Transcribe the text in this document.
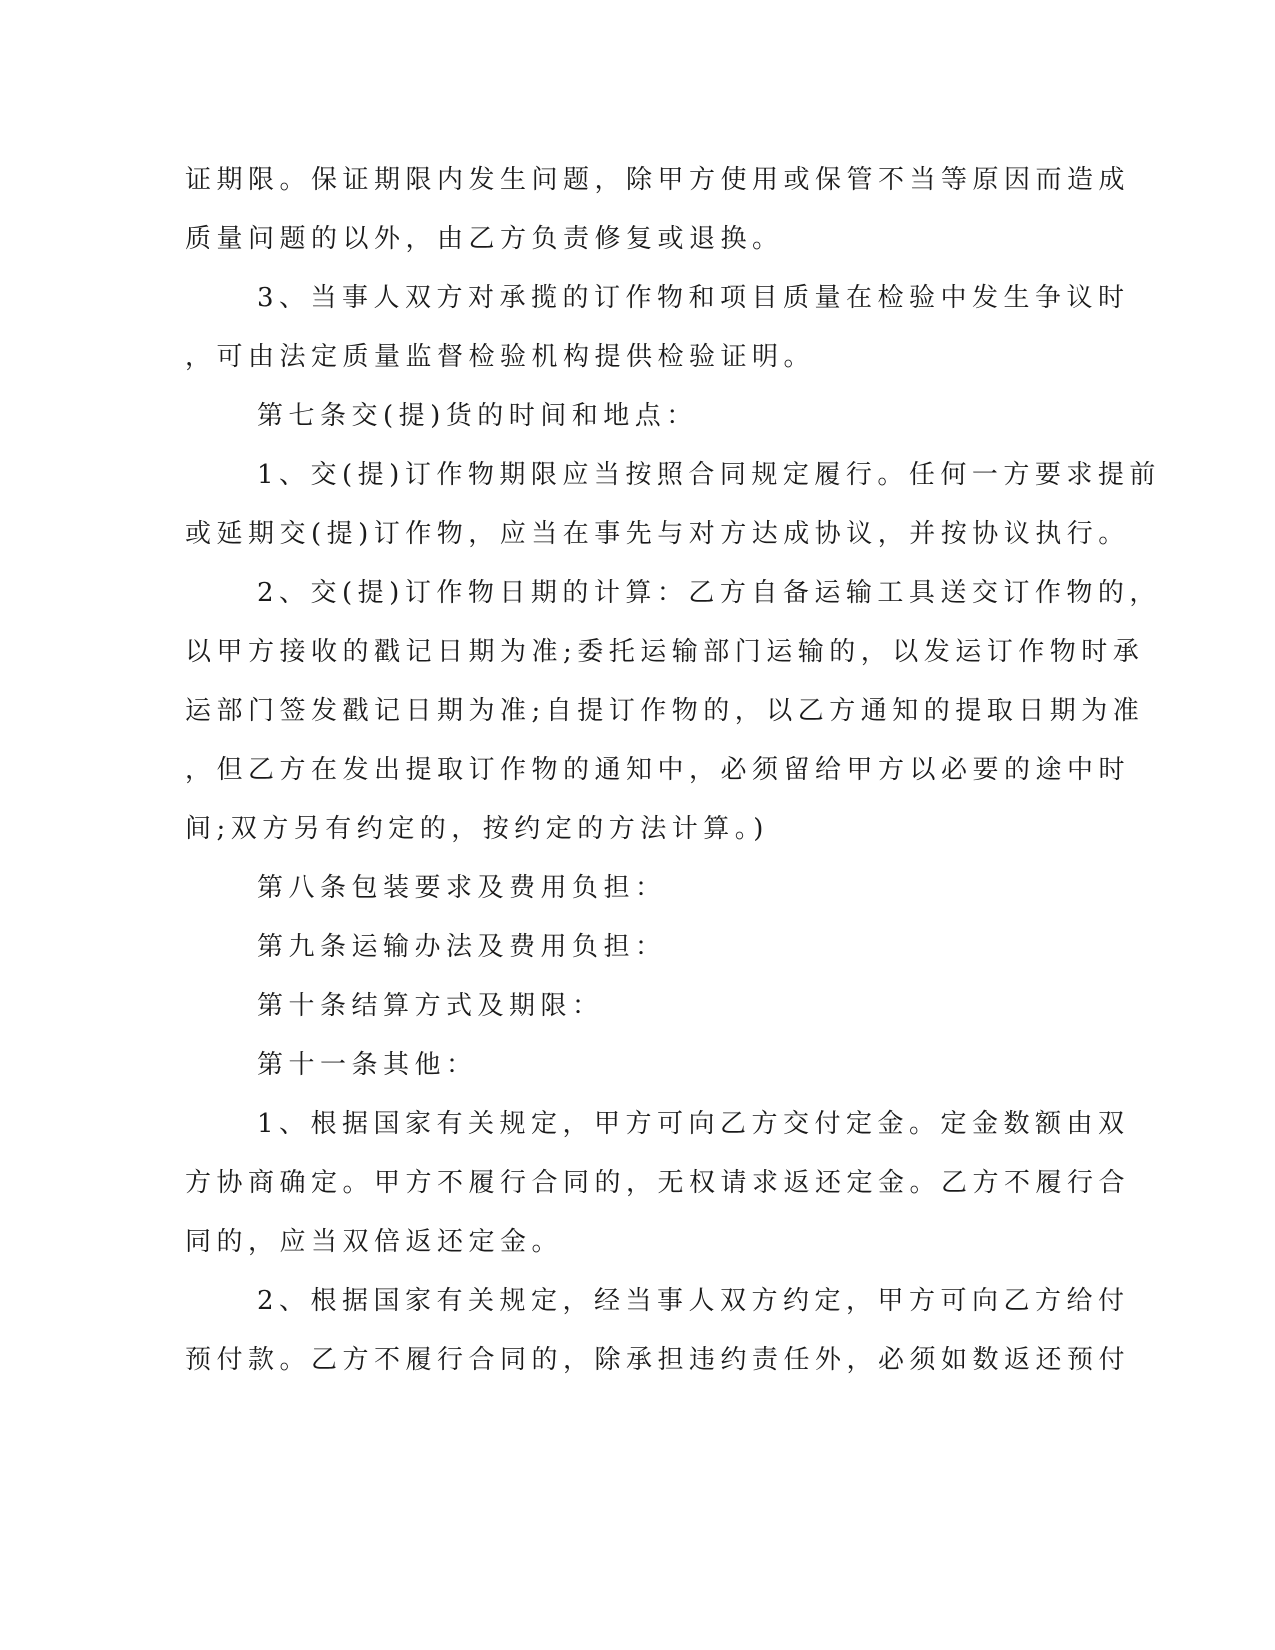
证期限。保证期限内发生问题，除甲方使用或保管不当等原因而造成
质量问题的以外，由乙方负责修复或退换。
3、当事人双方对承揽的订作物和项目质量在检验中发生争议时
，可由法定质量监督检验机构提供检验证明。
第七条交(提)货的时间和地点：
1、交(提)订作物期限应当按照合同规定履行。任何一方要求提前
或延期交(提)订作物，应当在事先与对方达成协议，并按协议执行。
2、交(提)订作物日期的计算：乙方自备运输工具送交订作物的，
以甲方接收的戳记日期为准;委托运输部门运输的，以发运订作物时承
运部门签发戳记日期为准;自提订作物的，以乙方通知的提取日期为准
，但乙方在发出提取订作物的通知中，必须留给甲方以必要的途中时
间;双方另有约定的，按约定的方法计算。)
第八条包装要求及费用负担：
第九条运输办法及费用负担：
第十条结算方式及期限：
第十一条其他：
1、根据国家有关规定，甲方可向乙方交付定金。定金数额由双
方协商确定。甲方不履行合同的，无权请求返还定金。乙方不履行合
同的，应当双倍返还定金。
2、根据国家有关规定，经当事人双方约定，甲方可向乙方给付
预付款。乙方不履行合同的，除承担违约责任外，必须如数返还预付
